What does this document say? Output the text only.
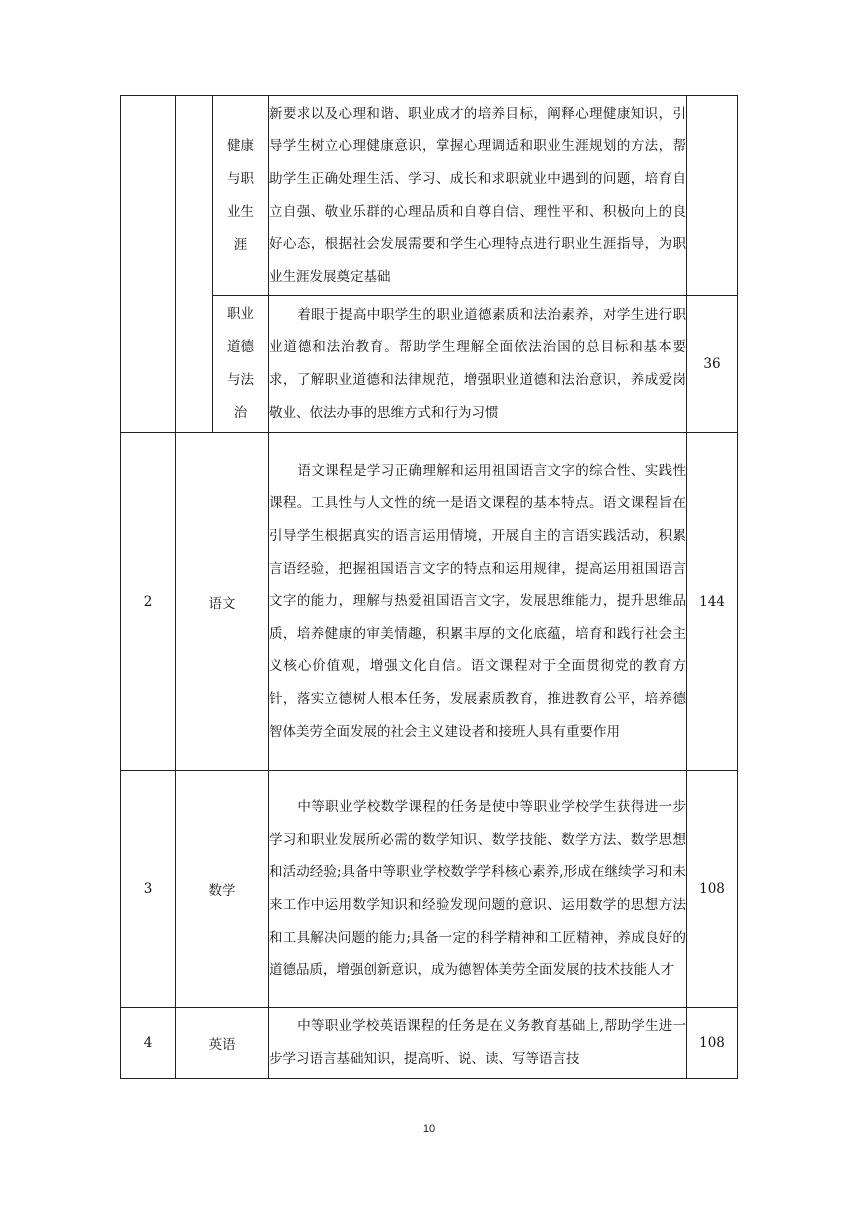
		健康
与职
业生
涯	新要求以及心理和谐、职业成才的培养目标，阐释心理健康知识，引导学生树立心理健康意识，掌握心理调适和职业生涯规划的方法，帮助学生正确处理生活、学习、成长和求职就业中遇到的问题，培育自立自强、敬业乐群的心理品质和自尊自信、理性平和、积极向上的良好心态，根据社会发展需要和学生心理特点进行职业生涯指导，为职业生涯发展奠定基础	
		职业
道德
与法
治	着眼于提高中职学生的职业道德素质和法治素养，对学生进行职业道德和法治教育。帮助学生理解全面依法治国的总目标和基本要求，了解职业道德和法律规范，增强职业道德和法治意识，养成爱岗敬业、依法办事的思维方式和行为习惯	36
2	语文		语文课程是学习正确理解和运用祖国语言文字的综合性、实践性课程。工具性与人文性的统一是语文课程的基本特点。语文课程旨在引导学生根据真实的语言运用情境，开展自主的言语实践活动，积累言语经验，把握祖国语言文字的特点和运用规律，提高运用祖国语言文字的能力，理解与热爱祖国语言文字，发展思维能力，提升思维品质，培养健康的审美情趣，积累丰厚的文化底蕴，培育和践行社会主义核心价值观，增强文化自信。语文课程对于全面贯彻党的教育方针，落实立德树人根本任务，发展素质教育，推进教育公平，培养德智体美劳全面发展的社会主义建设者和接班人具有重要作用	144
3	数学		中等职业学校数学课程的任务是使中等职业学校学生获得进一步学习和职业发展所必需的数学知识、数学技能、数学方法、数学思想和活动经验;具备中等职业学校数学学科核心素养,形成在继续学习和未来工作中运用数学知识和经验发现问题的意识、运用数学的思想方法和工具解决问题的能力;具备一定的科学精神和工匠精神，养成良好的道德品质，增强创新意识，成为德智体美劳全面发展的技术技能人才	108
4	英语		中等职业学校英语课程的任务是在义务教育基础上,帮助学生进一步学习语言基础知识，提高听、说、读、写等语言技	108
10
